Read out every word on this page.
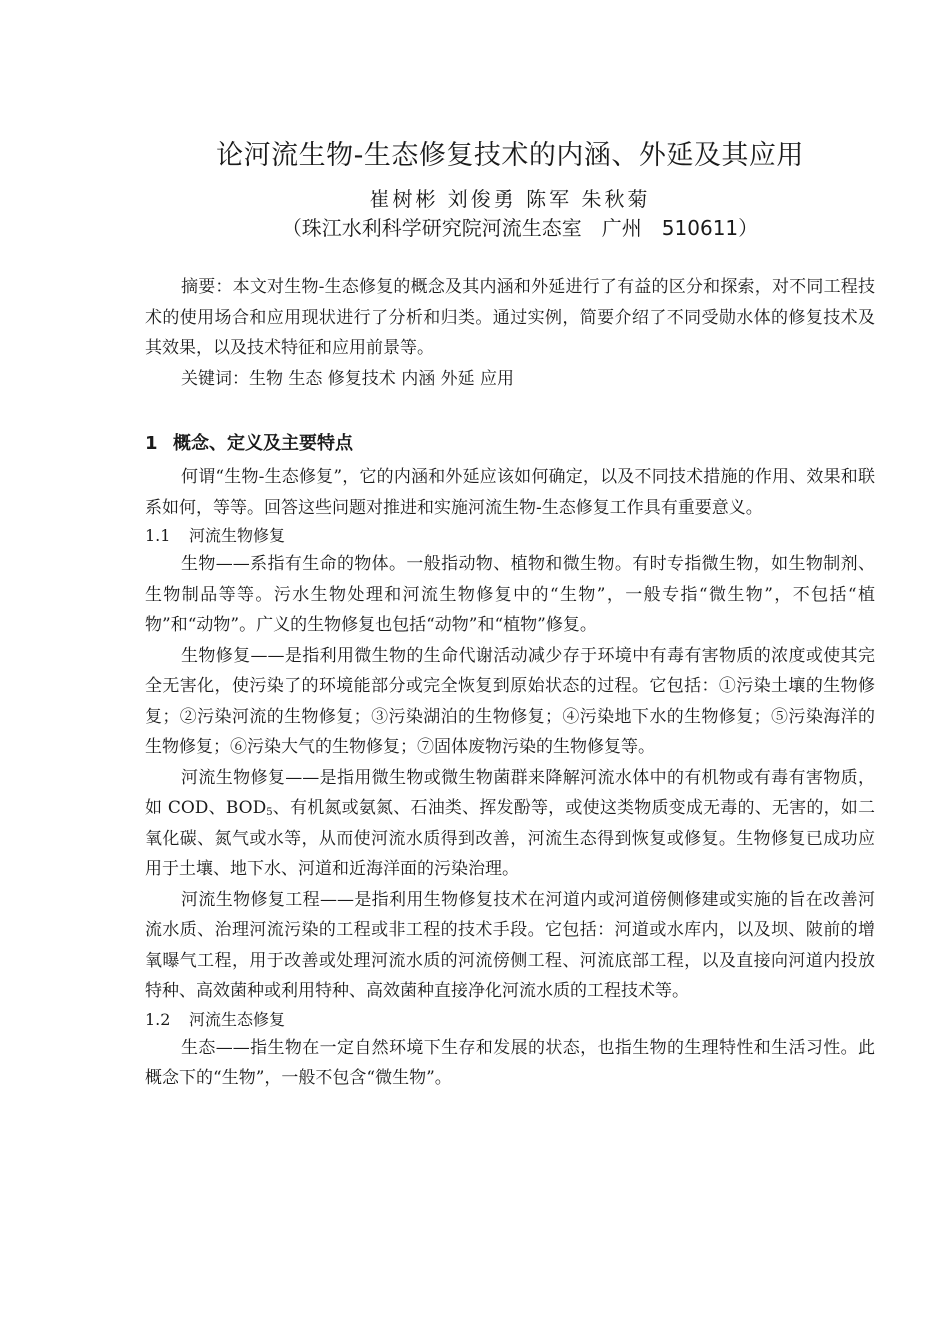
论河流生物-生态修复技术的内涵、外延及其应用
崔树彬 刘俊勇 陈军 朱秋菊
（珠江水利科学研究院河流生态室　广州　510611）

摘要：本文对生物-生态修复的概念及其内涵和外延进行了有益的区分和探索，对不同工程技术的使用场合和应用现状进行了分析和归类。通过实例，简要介绍了不同受勋水体的修复技术及其效果，以及技术特征和应用前景等。

关键词：生物 生态 修复技术 内涵 外延 应用

1 概念、定义及主要特点

何谓“生物-生态修复”，它的内涵和外延应该如何确定，以及不同技术措施的作用、效果和联系如何，等等。回答这些问题对推进和实施河流生物-生态修复工作具有重要意义。

1.1 河流生物修复

生物——系指有生命的物体。一般指动物、植物和微生物。有时专指微生物，如生物制剂、生物制品等等。污水生物处理和河流生物修复中的“生物”，一般专指“微生物”，不包括“植物”和“动物”。广义的生物修复也包括“动物”和“植物”修复。

生物修复——是指利用微生物的生命代谢活动减少存于环境中有毒有害物质的浓度或使其完全无害化，使污染了的环境能部分或完全恢复到原始状态的过程。它包括：①污染土壤的生物修复；②污染河流的生物修复；③污染湖泊的生物修复；④污染地下水的生物修复；⑤污染海洋的生物修复；⑥污染大气的生物修复；⑦固体废物污染的生物修复等。

河流生物修复——是指用微生物或微生物菌群来降解河流水体中的有机物或有毒有害物质，如 COD、$BOD_5$、有机氮或氨氮、石油类、挥发酚等，或使这类物质变成无毒的、无害的，如二氧化碳、氮气或水等，从而使河流水质得到改善，河流生态得到恢复或修复。生物修复已成功应用于土壤、地下水、河道和近海洋面的污染治理。

河流生物修复工程——是指利用生物修复技术在河道内或河道傍侧修建或实施的旨在改善河流水质、治理河流污染的工程或非工程的技术手段。它包括：河道或水库内，以及坝、陂前的增氧曝气工程，用于改善或处理河流水质的河流傍侧工程、河流底部工程，以及直接向河道内投放特种、高效菌种或利用特种、高效菌种直接净化河流水质的工程技术等。

1.2 河流生态修复

生态——指生物在一定自然环境下生存和发展的状态，也指生物的生理特性和生活习性。此概念下的“生物”，一般不包含“微生物”。
